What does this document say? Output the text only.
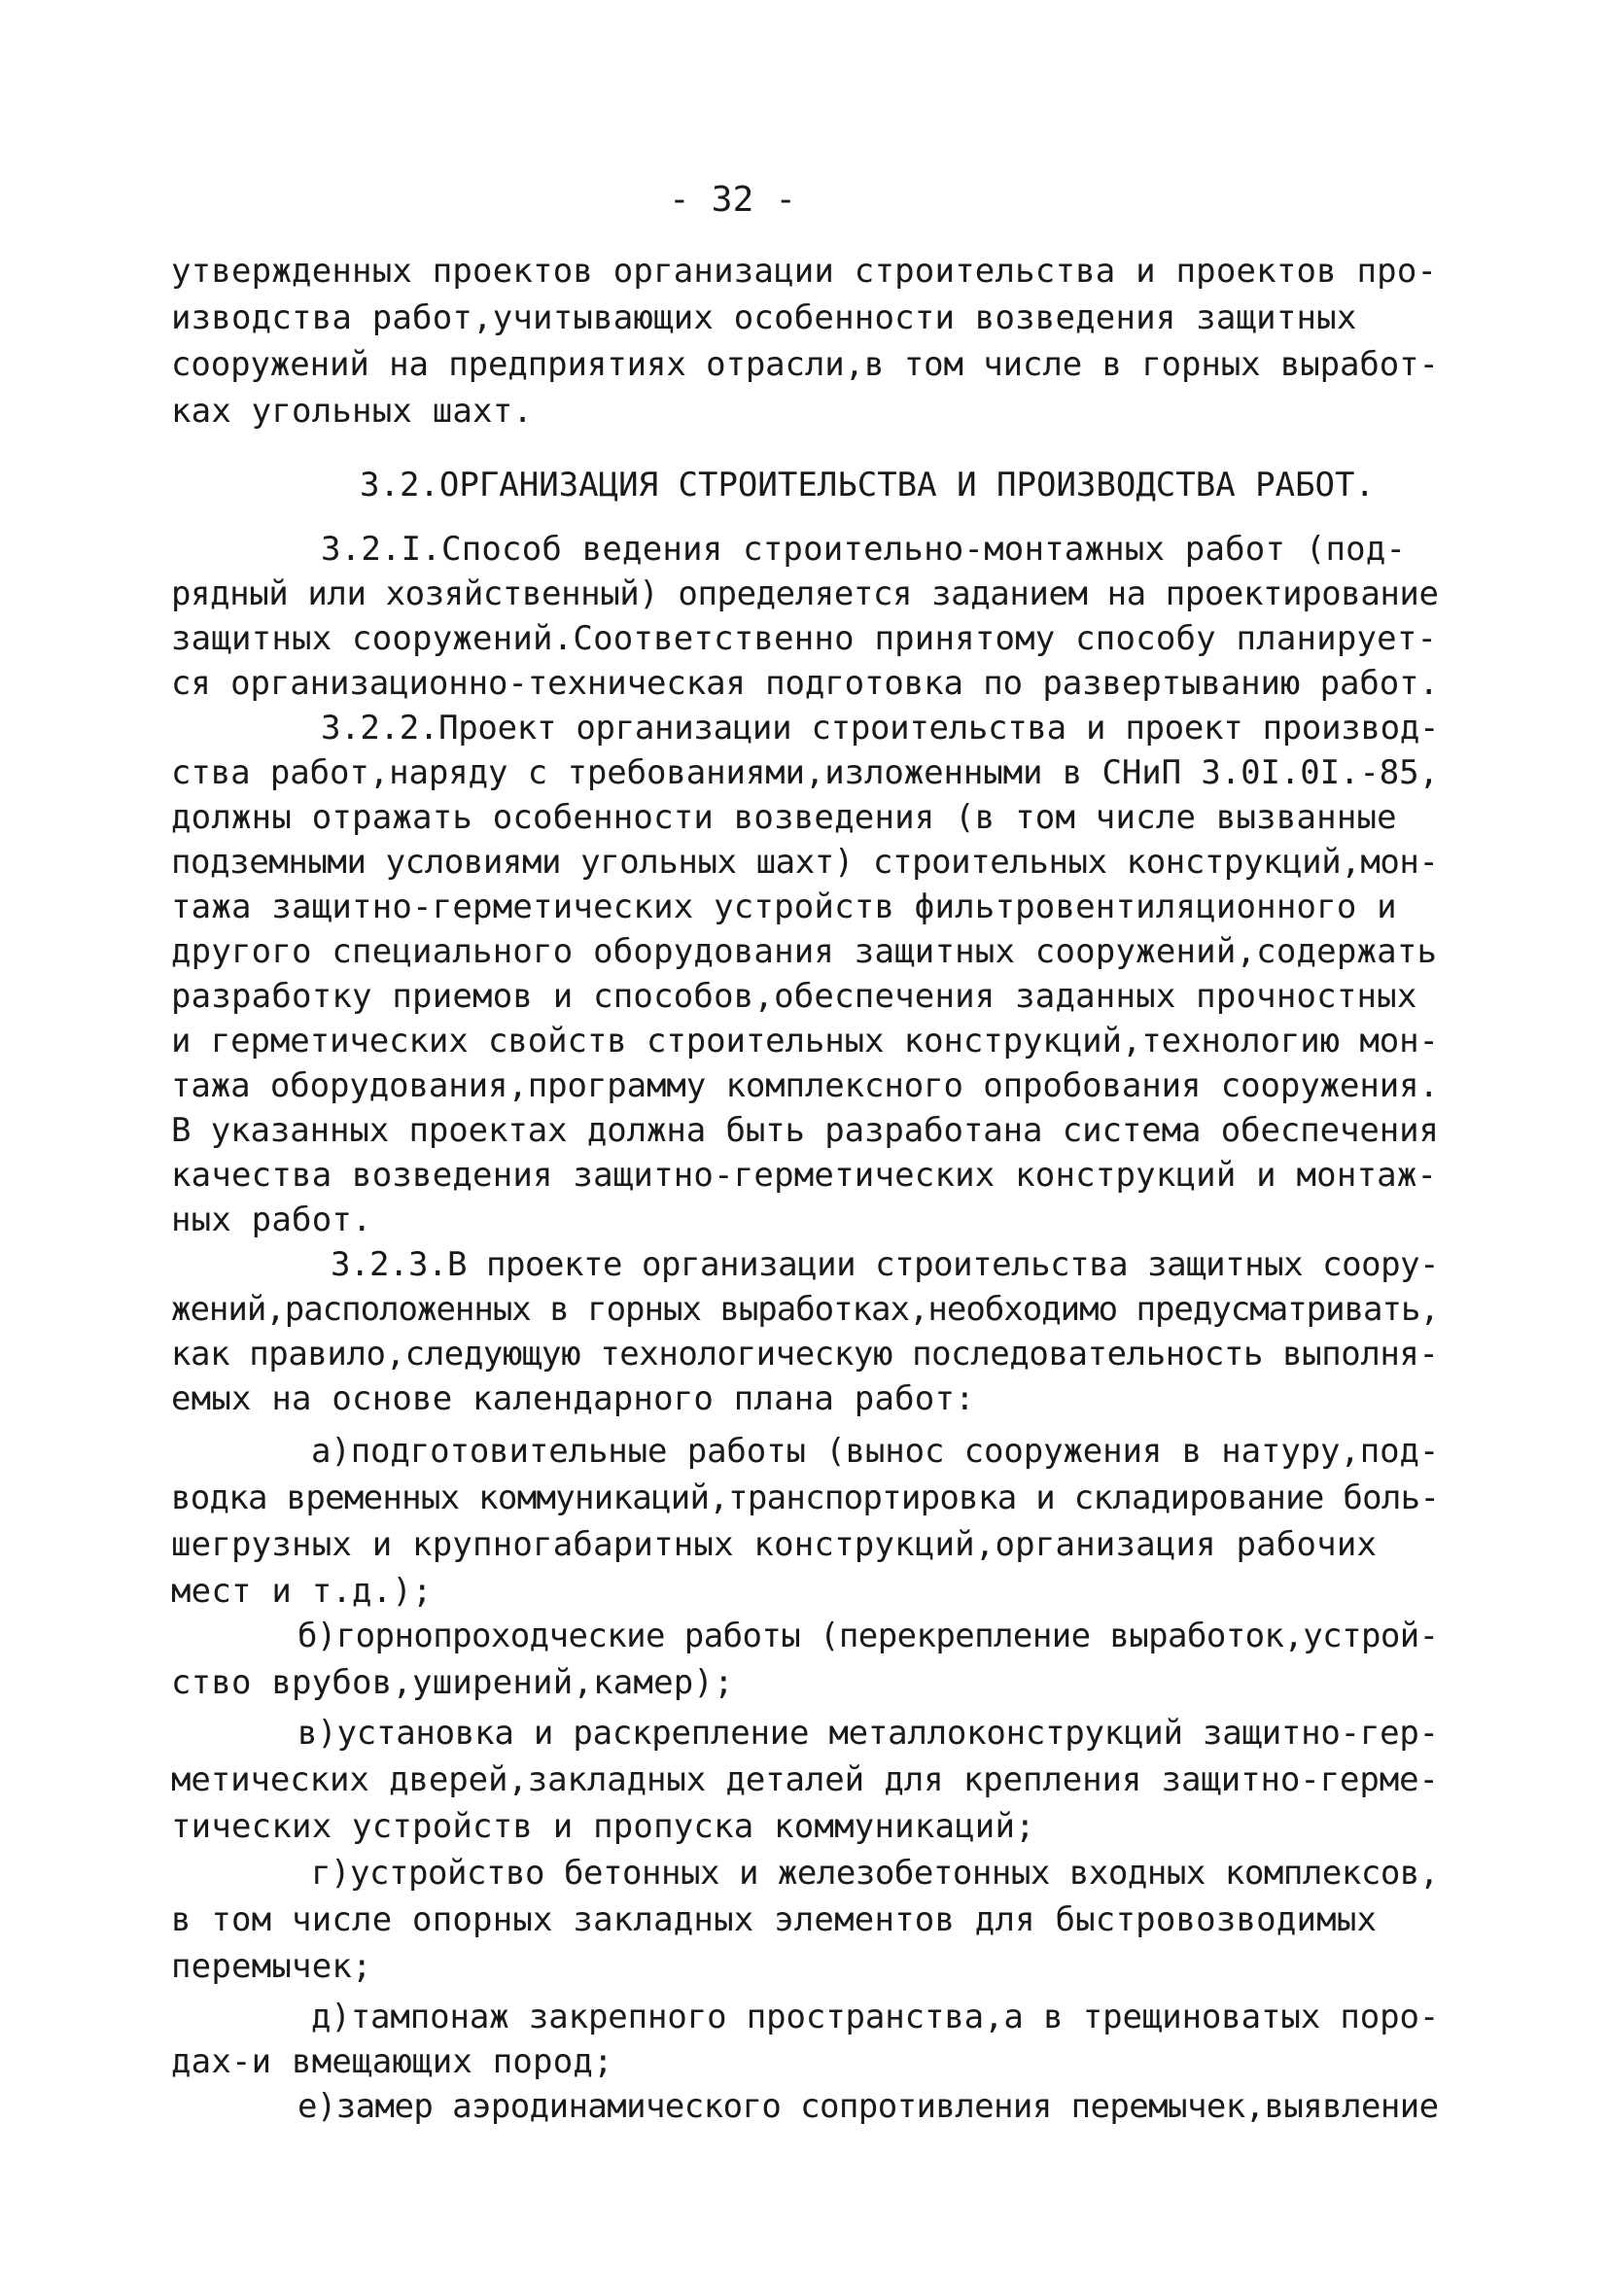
- 32 -
утвержденных проектов организации строительства и проектов про-
изводства работ,учитывающих особенности возведения защитных
сооружений на предприятиях отрасли,в том числе в горных выработ-
ках угольных шахт.
3.2.ОРГАНИЗАЦИЯ СТРОИТЕЛЬСТВА И ПРОИЗВОДСТВА РАБОТ.
3.2.I.Способ ведения строительно-монтажных работ (под-
рядный или хозяйственный) определяется заданием на проектирование
защитных сооружений.Соответственно принятому способу планирует-
ся организационно-техническая подготовка по развертыванию работ.
3.2.2.Проект организации строительства и проект производ-
ства работ,наряду с требованиями,изложенными в СНиП 3.0I.0I.-85,
должны отражать особенности возведения (в том числе вызванные
подземными условиями угольных шахт) строительных конструкций,мон-
тажа защитно-герметических устройств фильтровентиляционного и
другого специального оборудования защитных сооружений,содержать
разработку приемов и способов,обеспечения заданных прочностных
и герметических свойств строительных конструкций,технологию мон-
тажа оборудования,программу комплексного опробования сооружения.
В указанных проектах должна быть разработана система обеспечения
качества возведения защитно-герметических конструкций и монтаж-
ных работ.
3.2.3.В проекте организации строительства защитных соору-
жений,расположенных в горных выработках,необходимо предусматривать,
как правило,следующую технологическую последовательность выполня-
емых на основе календарного плана работ:
а)подготовительные работы (вынос сооружения в натуру,под-
водка временных коммуникаций,транспортировка и складирование боль-
шегрузных и крупногабаритных конструкций,организация рабочих
мест и т.д.);
б)горнопроходческие работы (перекрепление выработок,устрой-
ство врубов,уширений,камер);
в)установка и раскрепление металлоконструкций защитно-гер-
метических дверей,закладных деталей для крепления защитно-герме-
тических устройств и пропуска коммуникаций;
г)устройство бетонных и железобетонных входных комплексов,
в том числе опорных закладных элементов для быстровозводимых
перемычек;
д)тампонаж закрепного пространства,а в трещиноватых поро-
дах-и вмещающих пород;
е)замер аэродинамического сопротивления перемычек,выявление
